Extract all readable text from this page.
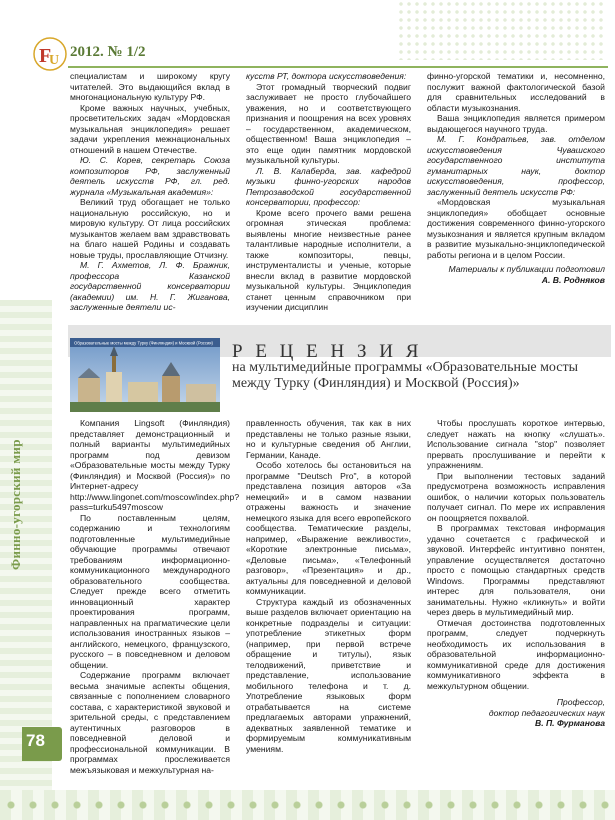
Финно-угорский мир
78
F
U
2012. № 1/2

специалистам и широкому кругу читателей. Это выдающийся вклад в многонациональную культуру РФ.

Кроме важных научных, учебных, просветительских задач «Мордовская музыкальная энциклопедия» решает задачи укрепления межнациональных отношений в нашем Отечестве.

Ю. С. Корев, секретарь Союза композиторов РФ, заслуженный деятель искусств РФ, гл. ред. журнала «Музыкальная академия»:

Великий труд обогащает не только национальную российскую, но и мировую культуру. От лица российских музыкантов желаем вам здравствовать на благо нашей Родины и создавать новые труды, прославляющие Отчизну.

М. Г. Ахметов, Л. Ф. Бражник, профессора Казанской государственной консерватории (академии) им. Н. Г. Жиганова, заслуженные деятели ис-

кусств РТ, доктора искусствоведения:

Этот громадный творческий подвиг заслуживает не просто глубочайшего уважения, но и соответствующего признания и поощрения на всех уровнях – государственном, академическом, общественном! Ваша энциклопедия – это еще один памятник мордовской музыкальной культуры.

Л. В. Калаберда, зав. кафедрой музыки финно-угорских народов Петрозаводской государственной консерватории, профессор:

Кроме всего прочего вами решена огромная этическая проблема: выявлены многие неизвестные ранее талантливые народные исполнители, а также композиторы, певцы, инструменталисты и ученые, которые внесли вклад в развитие мордовской музыкальной культуры. Энциклопедия станет ценным справочником при изучении дисциплин

финно-угорской тематики и, несомненно, послужит важной фактологической базой для сравнительных исследований в области музыкознания.

Ваша энциклопедия является примером выдающегося научного труда.

М. Г. Кондратьев, зав. отделом искусствоведения Чувашского государственного института гуманитарных наук, доктор искусствоведения, профессор, заслуженный деятель искусств РФ:

«Мордовская музыкальная энциклопедия» обобщает основные достижения современного финно-угорского музыкознания и является крупным вкладом в развитие музыкально-энциклопедической работы региона и в целом России.

Материалы к публикации подготовил

А. В. Родняков

Образовательные мосты между Турку (Финляндия) и Москвой (Россия) Р Е Ц Е Н З И Я
на мультимедийные программы «Образовательные мосты между Турку (Финляндия) и Москвой (Россия)»

Компания Lingsoft (Финляндия) представляет демонстрационный и полный варианты мультимедийных программ под девизом «Образовательные мосты между Турку (Финляндия) и Москвой (Россия)» по Интернет-адресу http://www.lingonet.com/moscow/index.php?pass=turku5497moscow

По поставленным целям, содержанию и технологиям подготовленные мультимедийные обучающие программы отвечают требованиям информационно-коммуникационного международного образовательного сообщества. Следует прежде всего отметить инновационный характер проектирования программ, направленных на прагматические цели использования иностранных языков – английского, немецкого, французского, русского – в повседневном и деловом общении.

Содержание программ включает весьма значимые аспекты общения, связанные с пополнением словарного состава, с характеристикой звуковой и зрительной среды, с представлением аутентичных разговоров в повседневной деловой и профессиональной коммуникации. В программах прослеживается межъязыковая и межкультурная на-

правленность обучения, так как в них представлены не только разные языки, но и культурные сведения об Англии, Германии, Канаде.

Особо хотелось бы остановиться на программе "Deutsch Pro", в которой представлена позиция авторов «За немецкий» и в самом названии отражены важность и значение немецкого языка для всего европейского сообщества. Тематические разделы, например, «Выражение вежливости», «Короткие электронные письма», «Деловые письма», «Телефонный разговор», «Презентация» и др., актуальны для повседневной и деловой коммуникации.

Структура каждый из обозначенных выше разделов включает ориентацию на конкретные подразделы и ситуации: употребление этикетных форм (например, при первой встрече обращение и титулы), язык телодвижений, приветствие и представление, использование мобильного телефона и т. д. Употребление языковых форм отрабатывается на системе предлагаемых авторами упражнений, адекватных заявленной тематике и формируемым коммуникативным умениям.

Чтобы прослушать короткое интервью, следует нажать на кнопку «слушать». Использование сигнала "stop" позволяет прервать прослушивание и перейти к упражнениям.

При выполнении тестовых заданий предусмотрена возможность исправления ошибок, о наличии которых пользователь получает сигнал. По мере их исправления он поощряется похвалой.

В программах текстовая информация удачно сочетается с графической и звуковой. Интерфейс интуитивно понятен, управление осуществляется достаточно просто с помощью стандартных средств Windows. Программы представляют интерес для пользователя, они занимательны. Нужно «кликнуть» и войти через дверь в мультимедийный мир.

Отмечая достоинства подготовленных программ, следует подчеркнуть необходимость их использования в образовательной информационно-коммуникативной среде для достижения коммуникативного эффекта в межкультурном общении.

Профессор,

доктор педагогических наук

В. П. Фурманова
